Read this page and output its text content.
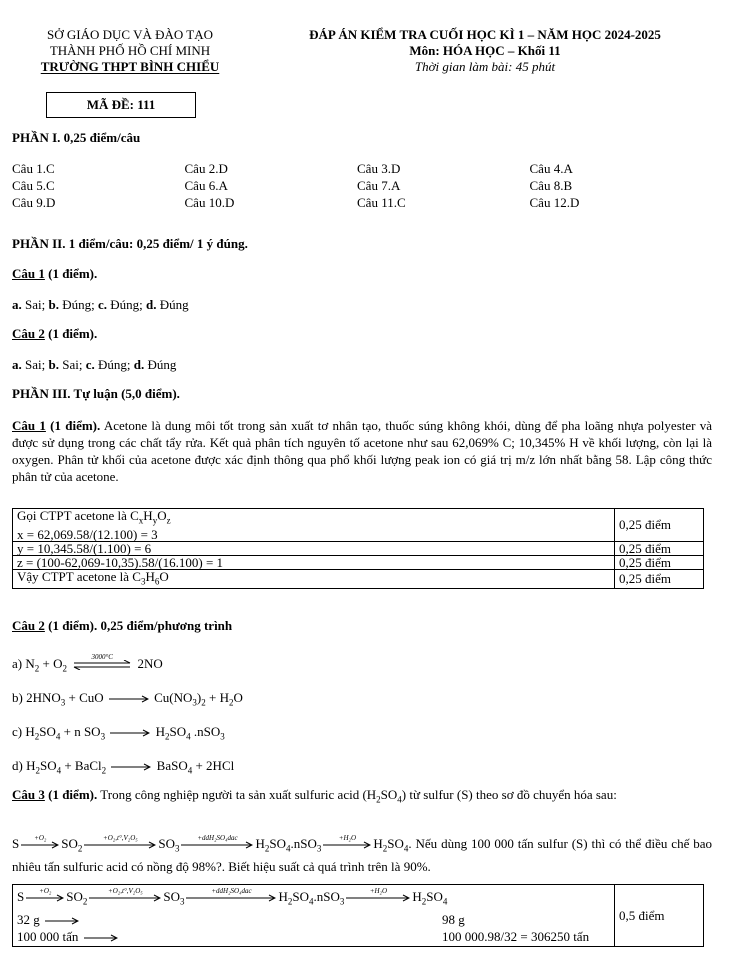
SỞ GIÁO DỤC VÀ ĐÀO TẠO
THÀNH PHỐ HỒ CHÍ MINH
TRƯỜNG THPT BÌNH CHIỂU
ĐÁP ÁN KIỂM TRA CUỐI HỌC KÌ 1 – NĂM HỌC 2024-2025
Môn: HÓA HỌC – Khối 11
Thời gian làm bài: 45 phút
MÃ ĐỀ: 111
PHẦN I. 0,25 điểm/câu
Câu 1.C	Câu 2.D	Câu 3.D	Câu 4.A
Câu 5.C	Câu 6.A	Câu 7.A	Câu 8.B
Câu 9.D	Câu 10.D	Câu 11.C	Câu 12.D
PHẦN II. 1 điểm/câu: 0,25 điểm/ 1 ý đúng.
Câu 1 (1 điểm).
a. Sai; b. Đúng; c. Đúng; d. Đúng
Câu 2 (1 điểm).
a. Sai; b. Sai; c. Đúng; d. Đúng
PHẦN III. Tự luận (5,0 điểm).
Câu 1 (1 điểm). Acetone là dung môi tốt trong sản xuất tơ nhân tạo, thuốc súng không khói, dùng để pha loãng nhựa polyester và được sử dụng trong các chất tẩy rửa. Kết quả phân tích nguyên tố acetone như sau 62,069% C; 10,345% H về khối lượng, còn lại là oxygen. Phân tử khối của acetone được xác định thông qua phổ khối lượng peak ion có giá trị m/z lớn nhất bằng 58. Lập công thức phân tử của acetone.
Gọi CTPT acetone là $C_xH_yO_z$
x = 62,069.58/(12.100) = 3	0,25 điểm
y = 10,345.58/(1.100) = 6	0,25 điểm
z = (100-62,069-10,35).58/(16.100) = 1	0,25 điểm
Vậy CTPT acetone là $C_3H_6O$	0,25 điểm
Câu 2 (1 điểm). 0,25 điểm/phương trình
a) $N_2 + O_2$
3000°C	2NO
b) $2HNO_3$ + CuO → $Cu(NO_3)_2 + H_2O$
c) $H_2SO_4 + n$ $SO_3 \to H_2SO_4$ .nSO$_3$
d) $H_2SO_4$ + BaCl$_2$ → BaSO$_4$ + 2HCl
Câu 3 (1 điểm). Trong công nghiệp người ta sản xuất sulfuric acid $(H_2SO_4)$ từ sulfur (S) theo sơ đồ chuyển hóa sau:
S	+O₂	$SO_2$
+O₂,t°,V₂O₅	$SO_3$
+ddH₂SO₄dac	$H_2SO_4.nSO_3$
+H₂O	$H_2SO_4$. Nếu dùng 100 000 tấn sulfur (S) thì có thể điều chế bao nhiêu tấn sulfuric acid có nồng độ 98%?. Biết hiệu suất cả quá trình trên là 90%.
S	+O₂	$SO_2$
+O₂,t°,V₂O₅	$SO_3$
+ddH₂SO₄dac	$H_2SO_4.nSO_3$
+H₂O	$H_2SO_4$
32 g →	98 g
100 000 tấn →	100 000.98/32 = 306250 tấn
	0,5 điểm
